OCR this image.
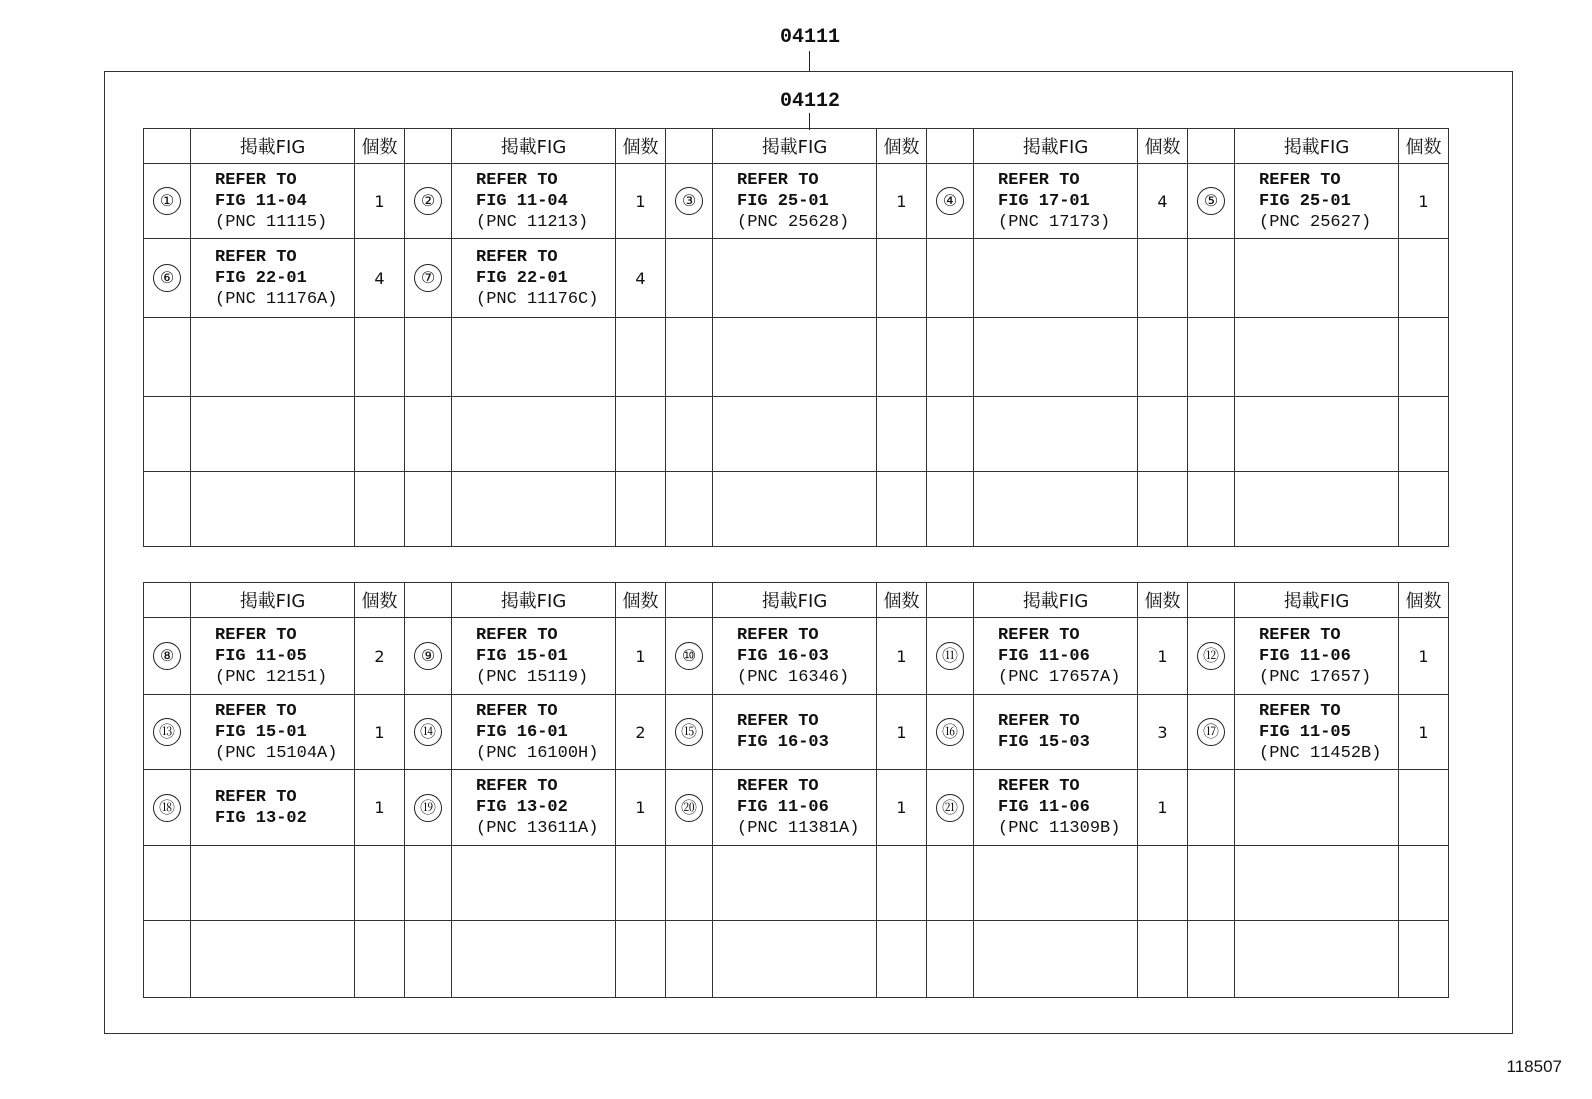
04111
04112
	掲載FIG	個数		掲載FIG	個数		掲載FIG	個数		掲載FIG	個数		掲載FIG	個数
①	REFER TO
FIG 11-04
(PNC 11115)	1	②	REFER TO
FIG 11-04
(PNC 11213)	1	③	REFER TO
FIG 25-01
(PNC 25628)	1	④	REFER TO
FIG 17-01
(PNC 17173)	4	⑤	REFER TO
FIG 25-01
(PNC 25627)	1
⑥	REFER TO
FIG 22-01
(PNC 11176A)	4	⑦	REFER TO
FIG 22-01
(PNC 11176C)	4									

	掲載FIG	個数		掲載FIG	個数		掲載FIG	個数		掲載FIG	個数		掲載FIG	個数
⑧	REFER TO
FIG 11-05
(PNC 12151)	2	⑨	REFER TO
FIG 15-01
(PNC 15119)	1	⑩	REFER TO
FIG 16-03
(PNC 16346)	1	⑪	REFER TO
FIG 11-06
(PNC 17657A)	1	⑫	REFER TO
FIG 11-06
(PNC 17657)	1
⑬	REFER TO
FIG 15-01
(PNC 15104A)	1	⑭	REFER TO
FIG 16-01
(PNC 16100H)	2	⑮	REFER TO
FIG 16-03	1	⑯	REFER TO
FIG 15-03	3	⑰	REFER TO
FIG 11-05
(PNC 11452B)	1
⑱	REFER TO
FIG 13-02	1	⑲	REFER TO
FIG 13-02
(PNC 13611A)	1	⑳	REFER TO
FIG 11-06
(PNC 11381A)	1	㉑	REFER TO
FIG 11-06
(PNC 11309B)	1			

118507
